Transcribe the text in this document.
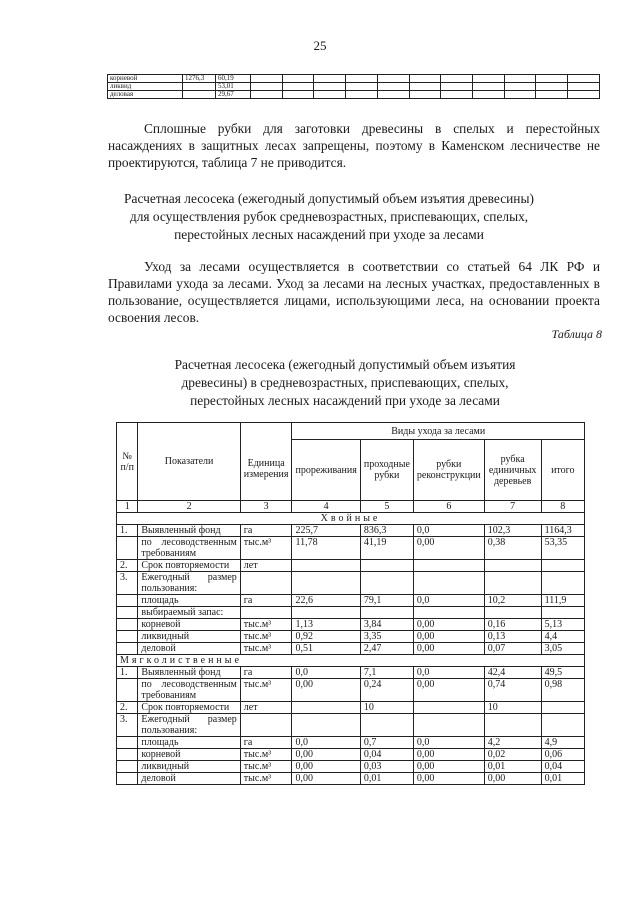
25
корневой	1276,3	60,19											
ликвид		53,01											
деловая		29,67											
Сплошные рубки для заготовки древесины в спелых и перестойных насаждениях в защитных лесах запрещены, поэтому в Каменском лесничестве не проектируются, таблица 7 не приводится.
Расчетная лесосека (ежегодный допустимый объем изъятия древесины) для осуществления рубок средневозрастных, приспевающих, спелых, перестойных лесных насаждений при уходе за лесами
Уход за лесами осуществляется в соответствии со статьей 64 ЛК РФ и Правилами ухода за лесами. Уход за лесами на лесных участках, предоставленных в пользование, осуществляется лицами, использующими леса, на основании проекта освоения лесов.
Таблица 8
Расчетная лесосека (ежегодный допустимый объем изъятия древесины) в средневозрастных, приспевающих, спелых, перестойных лесных насаждений при уходе за лесами
№ п/п	Показатели	Единица измерения	Виды ухода за лесами				
			прореживания	проходные рубки	рубки реконструкции	рубка единичных деревьев	итого
1	2	3	4	5	6	7	8
Хвойные							
1.	Выявленный фонд	га	225,7	836,3	0,0	102,3	1164,3
	по лесоводственным требованиям	тыс.м³	11,78	41,19	0,00	0,38	53,35
2.	Срок повторяемости	лет					
3.	Ежегодный размер пользования:						
	площадь	га	22,6	79,1	0,0	10,2	111,9
	выбираемый запас:						
	корневой	тыс.м³	1,13	3,84	0,00	0,16	5,13
	ликвидный	тыс.м³	0,92	3,35	0,00	0,13	4,4
	деловой	тыс.м³	0,51	2,47	0,00	0,07	3,05
Мягколиственные							
1.	Выявленный фонд	га	0,0	7,1	0,0	42,4	49,5
	по лесоводственным требованиям	тыс.м³	0,00	0,24	0,00	0,74	0,98
2.	Срок повторяемости	лет		10		10	
3.	Ежегодный размер пользования:						
	площадь	га	0,0	0,7	0,0	4,2	4,9
	корневой	тыс.м³	0,00	0,04	0,00	0,02	0,06
	ликвидный	тыс.м³	0,00	0,03	0,00	0,01	0,04
	деловой	тыс.м³	0,00	0,01	0,00	0,00	0,01
